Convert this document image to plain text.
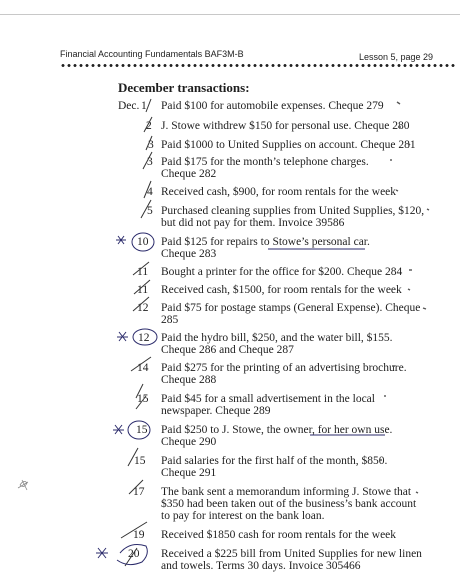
Financial Accounting Fundamentals BAF3M-B	Lesson 5, page 29
December transactions:
Dec. 1 Paid $100 for automobile expenses. Cheque 279
J. Stowe withdrew $150 for personal use. Cheque 280
Paid $1000 to United Supplies on account. Cheque 281
Paid $175 for the month’s telephone charges.
Cheque 282
Received cash, $900, for room rentals for the week
Purchased cleaning supplies from United Supplies, $120,
but did not pay for them. Invoice 39586
Paid $125 for repairs to Stowe’s personal car.
Cheque 283
Bought a printer for the office for $200. Cheque 284
Received cash, $1500, for room rentals for the week
Paid $75 for postage stamps (General Expense). Cheque
285
Paid the hydro bill, $250, and the water bill, $155.
Cheque 286 and Cheque 287
Paid $275 for the printing of an advertising brochure.
Cheque 288
Paid $45 for a small advertisement in the local
newspaper. Cheque 289
Paid $250 to J. Stowe, the owner, for her own use.
Cheque 290
Paid salaries for the first half of the month, $850.
Cheque 291
The bank sent a memorandum informing J. Stowe that
$350 had been taken out of the business’s bank account
to pay for interest on the bank loan.
Received $1850 cash for room rentals for the week
Received a $225 bill from United Supplies for new linen
and towels. Terms 30 days. Invoice 305466
2
3
3
4
5
10
11
11
12
12
14
15
15
15
17
19
20
